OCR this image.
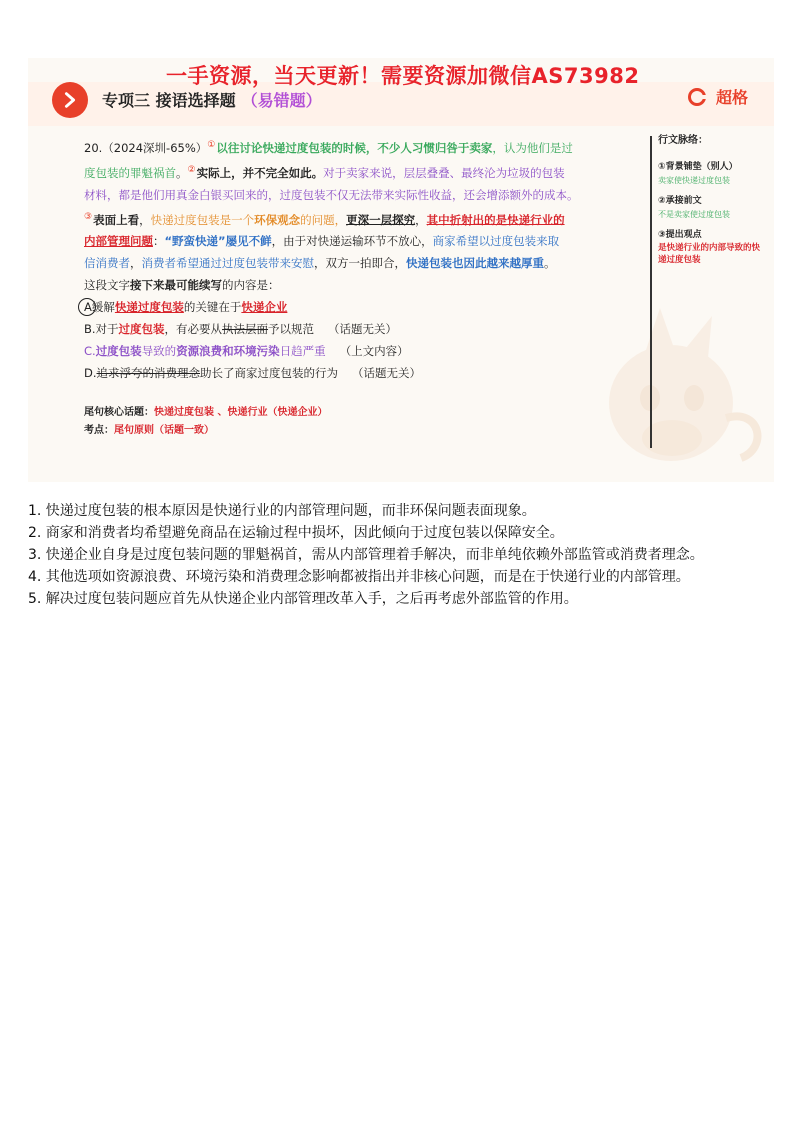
一手资源，当天更新！需要资源加微信AS73982
专项三 接语选择题 （易错题）	超格
20.（2024深圳-65%）①以往讨论快递过度包装的时候，不少人习惯归咎于卖家，认为他们是过
度包装的罪魁祸首。②实际上，并不完全如此。对于卖家来说，层层叠叠、最终沦为垃圾的包装
材料，都是他们用真金白银买回来的，过度包装不仅无法带来实际性收益，还会增添额外的成本。
③表面上看，快递过度包装是一个环保观念的问题，更深一层探究，其中折射出的是快递行业的
内部管理问题：“野蛮快递”屡见不鲜，由于对快递运输环节不放心，商家希望以过度包装来取
信消费者，消费者希望通过过度包装带来安慰，双方一拍即合，快递包装也因此越来越厚重。
这段文字接下来最可能续写的内容是：
A缓解快递过度包装的关键在于快递企业
B.对于过度包装，有必要从执法层面予以规范 （话题无关）
C.过度包装导致的资源浪费和环境污染日趋严重 （上文内容）
D.追求浮夸的消费理念助长了商家过度包装的行为 （话题无关）
尾句核心话题：快递过度包装 、快递行业（快递企业）
考点：尾句原则（话题一致）
行文脉络：
①背景铺垫（别人）
卖家使快递过度包装
②承接前文
不是卖家使过度包装
③提出观点
是快递行业的内部导致的快递过度包装

1. 快递过度包装的根本原因是快递行业的内部管理问题，而非环保问题表面现象。

2. 商家和消费者均希望避免商品在运输过程中损坏，因此倾向于过度包装以保障安全。

3. 快递企业自身是过度包装问题的罪魁祸首，需从内部管理着手解决，而非单纯依赖外部监管或消费者理念。

4. 其他选项如资源浪费、环境污染和消费理念影响都被指出并非核心问题，而是在于快递行业的内部管理。

5. 解决过度包装问题应首先从快递企业内部管理改革入手，之后再考虑外部监管的作用。
